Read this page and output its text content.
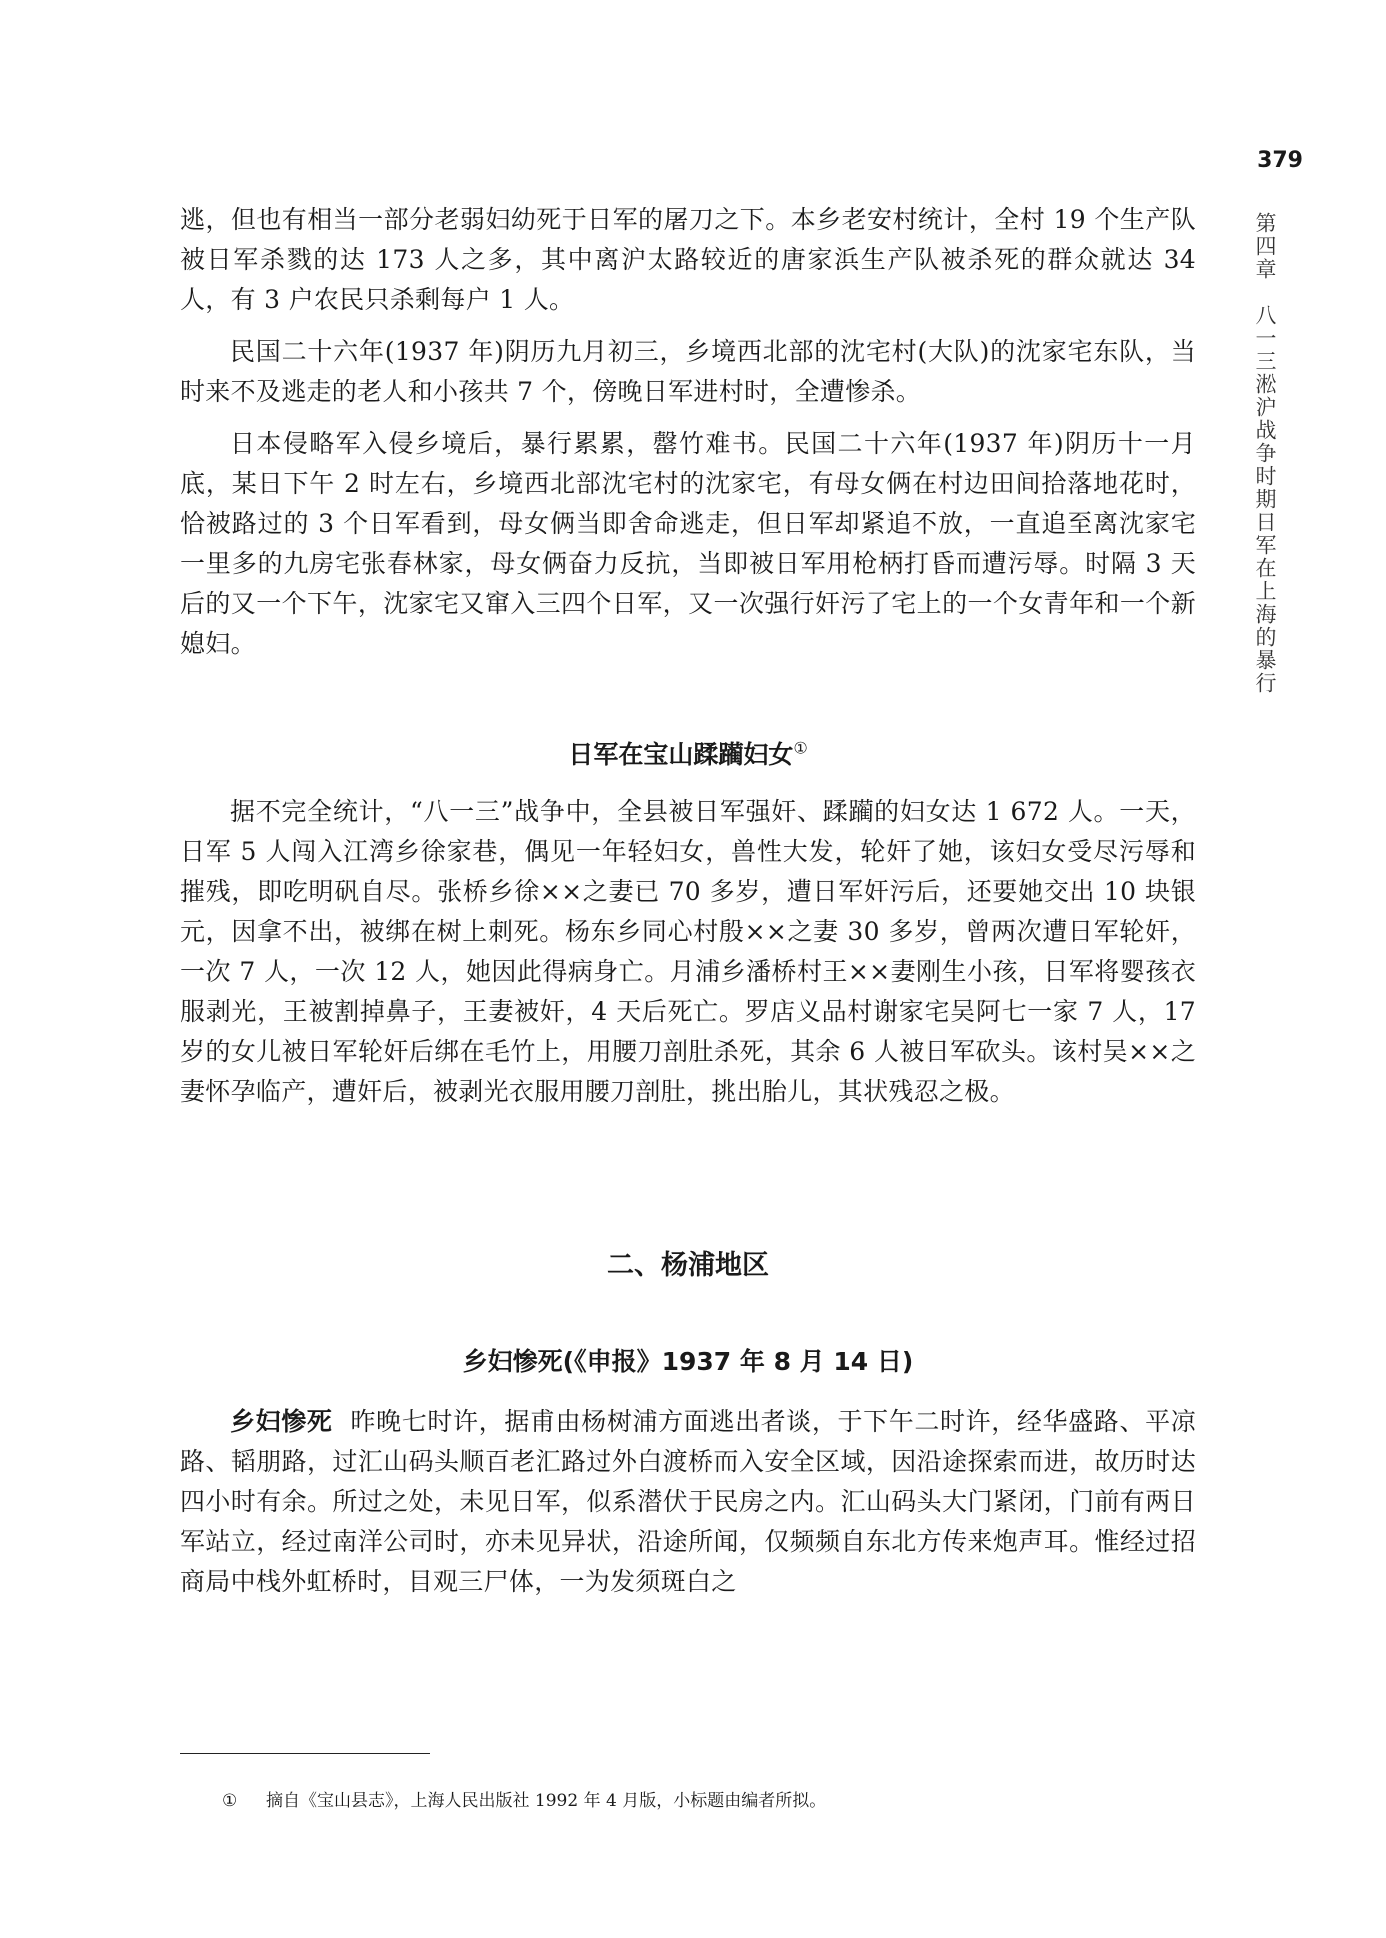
379
第四章　八一三淞沪战争时期日军在上海的暴行

逃，但也有相当一部分老弱妇幼死于日军的屠刀之下。本乡老安村统计，全村 19 个生产队被日军杀戮的达 173 人之多，其中离沪太路较近的唐家浜生产队被杀死的群众就达 34 人，有 3 户农民只杀剩每户 1 人。

民国二十六年(1937 年)阴历九月初三，乡境西北部的沈宅村(大队)的沈家宅东队，当时来不及逃走的老人和小孩共 7 个，傍晚日军进村时，全遭惨杀。

日本侵略军入侵乡境后，暴行累累，罄竹难书。民国二十六年(1937 年)阴历十一月底，某日下午 2 时左右，乡境西北部沈宅村的沈家宅，有母女俩在村边田间拾落地花时，恰被路过的 3 个日军看到，母女俩当即舍命逃走，但日军却紧追不放，一直追至离沈家宅一里多的九房宅张春林家，母女俩奋力反抗，当即被日军用枪柄打昏而遭污辱。时隔 3 天后的又一个下午，沈家宅又窜入三四个日军，又一次强行奸污了宅上的一个女青年和一个新媳妇。

日军在宝山蹂躏妇女①

据不完全统计，“八一三”战争中，全县被日军强奸、蹂躏的妇女达 1 672 人。一天，日军 5 人闯入江湾乡徐家巷，偶见一年轻妇女，兽性大发，轮奸了她，该妇女受尽污辱和摧残，即吃明矾自尽。张桥乡徐××之妻已 70 多岁，遭日军奸污后，还要她交出 10 块银元，因拿不出，被绑在树上刺死。杨东乡同心村殷××之妻 30 多岁，曾两次遭日军轮奸，一次 7 人，一次 12 人，她因此得病身亡。月浦乡潘桥村王××妻刚生小孩，日军将婴孩衣服剥光，王被割掉鼻子，王妻被奸，4 天后死亡。罗店义品村谢家宅吴阿七一家 7 人，17 岁的女儿被日军轮奸后绑在毛竹上，用腰刀剖肚杀死，其余 6 人被日军砍头。该村吴××之妻怀孕临产，遭奸后，被剥光衣服用腰刀剖肚，挑出胎儿，其状残忍之极。

二、杨浦地区
乡妇惨死(《申报》1937 年 8 月 14 日)

乡妇惨死 昨晚七时许，据甫由杨树浦方面逃出者谈，于下午二时许，经华盛路、平凉路、韬朋路，过汇山码头顺百老汇路过外白渡桥而入安全区域，因沿途探索而进，故历时达四小时有余。所过之处，未见日军，似系潜伏于民房之内。汇山码头大门紧闭，门前有两日军站立，经过南洋公司时，亦未见异状，沿途所闻，仅频频自东北方传来炮声耳。惟经过招商局中栈外虹桥时，目观三尸体，一为发须斑白之

① 摘自《宝山县志》，上海人民出版社 1992 年 4 月版，小标题由编者所拟。
